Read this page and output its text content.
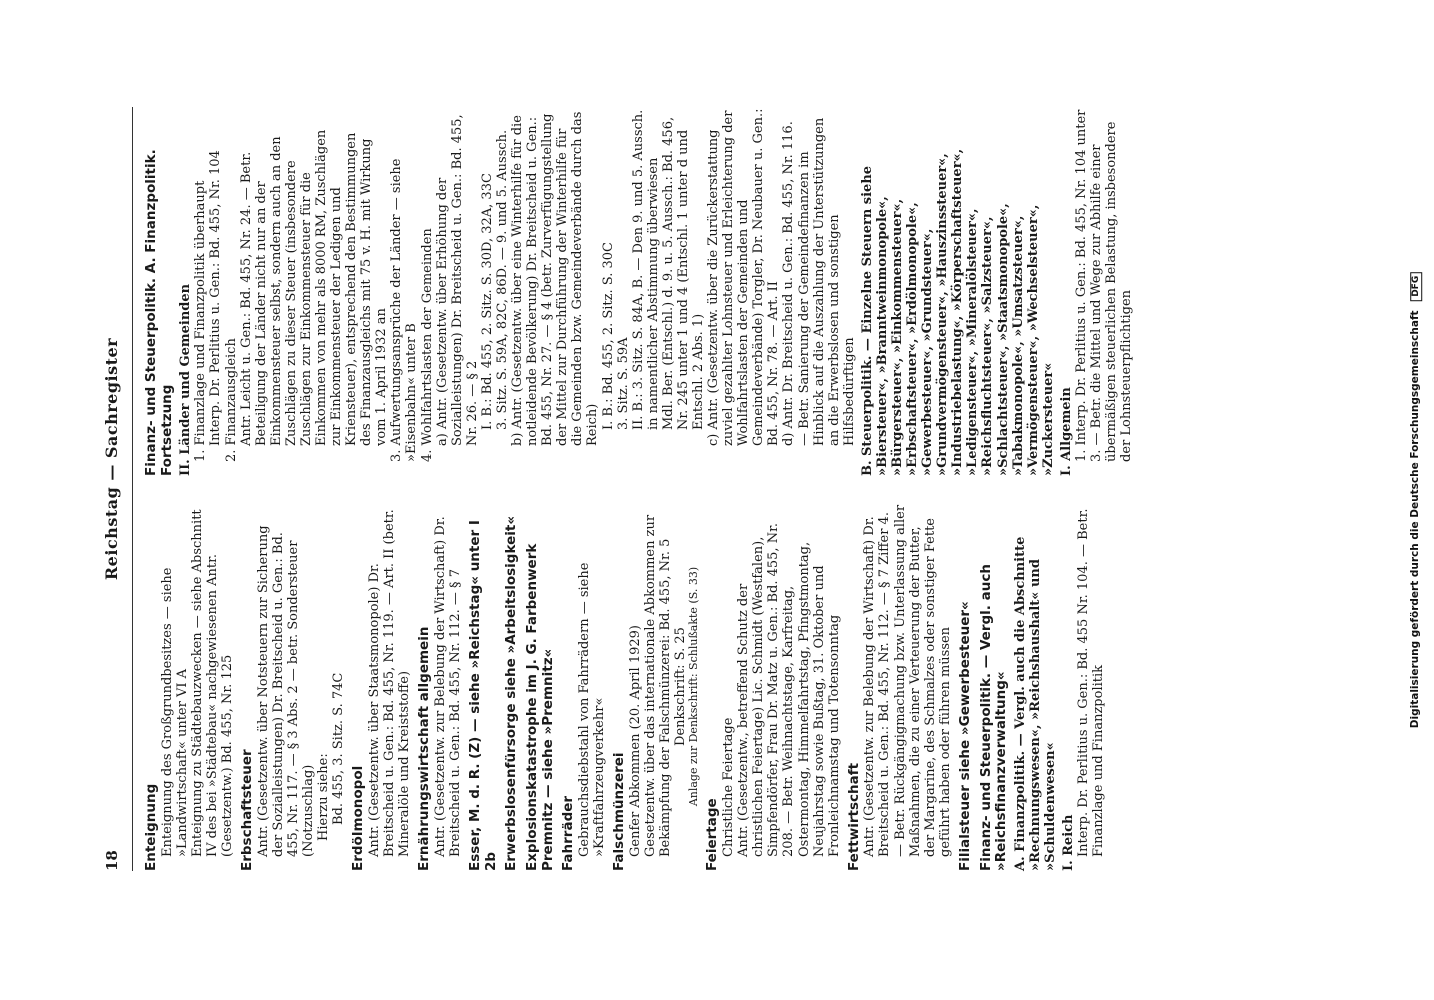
18
Reichstag — Sachregister
Enteignung Enteignung des Großgrundbesitzes — siehe »Landwirtschaft« unter VI A Enteignung zu Städtebauzwecken — siehe Abschnitt IV des bei »Städtebau« nachgewiesenen Antr. (Gesetzentw.) Bd. 455, Nr. 125 Erbschaftsteuer Antr. (Gesetzentw. über Notsteuern zur Sicherung der Sozialleistungen) Dr. Breitscheid u. Gen.: Bd. 455, Nr. 117. — § 3 Abs. 2 — betr. Sondersteuer (Notzuschlag) Hierzu siehe: Bd. 455, 3. Sitz. S. 74C Erdölmonopol Antr. (Gesetzentw. über Staatsmonopole) Dr. Breitscheid u. Gen.: Bd. 455, Nr. 119. — Art. II (betr. Mineralöle und Kreiststoffe) Ernährungswirtschaft allgemein Antr. (Gesetzentw. zur Belebung der Wirtschaft) Dr. Breitscheid u. Gen.: Bd. 455, Nr. 112. — § 7 Esser, M. d. R. (Z) — siehe »Reichstag« unter I 2b Erwerbslosenfürsorge siehe »Arbeitslosigkeit« Explosionskatastrophe im J. G. Farbenwerk Premnitz — siehe »Premnitz« Fahrräder Gebrauchsdiebstahl von Fahrrädern — siehe »Kraftfahrzeugverkehr« Falschmünzerei Genfer Abkommen (20. April 1929) Gesetzentw. über das internationale Abkommen zur Bekämpfung der Falschmünzerei: Bd. 455, Nr. 5 Denkschrift: S. 25 Anlage zur Denkschrift: Schlußakte (S. 33)
Feiertage Christliche Feiertage Antr. (Gesetzentw., betreffend Schutz der christlichen Feiertage) Lic. Schmidt (Westfalen), Simpfendörfer, Frau Dr. Matz u. Gen.: Bd. 455, Nr. 208. — Betr. Weihnachtstage, Karfreitag, Ostermontag, Himmelfahrtstag, Pfingstmontag, Neujahrstag sowie Bußtag, 31. Oktober und Fronleichnamstag und Totensonntag Fettwirtschaft Antr. (Gesetzentw. zur Belebung der Wirtschaft) Dr. Breitscheid u. Gen.: Bd. 455, Nr. 112. — § 7 Ziffer 4. — Betr. Rückgängigmachung bzw. Unterlassung aller Maßnahmen, die zu einer Verteuerung der Butter, der Margarine, des Schmalzes oder sonstiger Fette geführt haben oder führen müssen Filialsteuer siehe »Gewerbesteuer« Finanz- und Steuerpolitik. — Vergl. auch »Reichsfinanzverwaltung« A. Finanzpolitik. — Vergl. auch die Abschnitte »Rechnungswesen«, »Reichshaushalt« und »Schuldenwesen« I. Reich Interp. Dr. Perlitius u. Gen.: Bd. 455 Nr. 104. — Betr. Finanzlage und Finanzpolitik
Finanz- und Steuerpolitik. A. Finanzpolitik. Fortsetzung II. Länder und Gemeinden 1. Finanzlage und Finanzpolitik überhaupt Interp. Dr. Perlitius u. Gen.: Bd. 455, Nr. 104 2. Finanzausgleich Antr. Leicht u. Gen.: Bd. 455, Nr. 24. — Betr. Beteiligung der Länder nicht nur an der Einkommensteuer selbst, sondern auch an den Zuschlägen zu dieser Steuer (insbesondere Zuschlägen zur Einkommensteuer für die Einkommen von mehr als 8000 RM, Zuschlägen zur Einkommensteuer der Ledigen und Kriensteuer), entsprechend den Bestimmungen des Finanzausgleichs mit 75 v. H. mit Wirkung vom 1. April 1932 an 3. Aufwertungsansprüche der Länder — siehe »Eisenbahn« unter B 4. Wohlfahrtslasten der Gemeinden a) Antr. (Gesetzentw. über Erhöhung der Sozialleistungen) Dr. Breitscheid u. Gen.: Bd. 455, Nr. 26. — § 2 I. B.: Bd. 455, 2. Sitz. S. 30D, 32A, 33C 3. Sitz. S. 59A, 82C, 86D. — 9. und 5. Aussch. b) Antr. (Gesetzentw. über eine Winterhilfe für die notleidende Bevölkerung) Dr. Breitscheid u. Gen.: Bd. 455, Nr. 27. — § 4 (betr. Zurverfügungstellung der Mittel zur Durchführung der Winterhilfe für die Gemeinden bzw. Gemeindeverbände durch das Reich) I. B.: Bd. 455, 2. Sitz. S. 30C 3. Sitz. S. 59A II. B.: 3. Sitz. S. 84A, B. — Den 9. und 5. Aussch. in namentlicher Abstimmung überwiesen Mdl. Ber. (Entschl.) d. 9. u. 5. Aussch.: Bd. 456, Nr. 245 unter 1 und 4 (Entschl. 1 unter d und Entschl. 2 Abs. 1) c) Antr. (Gesetzentw. über die Zurückerstattung zuviel gezahlter Lohnsteuer und Erleichterung der Wohlfahrtslasten der Gemeinden und Gemeindeverbände) Torgler, Dr. Neubauer u. Gen.: Bd. 455, Nr. 78. — Art. II d) Antr. Dr. Breitscheid u. Gen.: Bd. 455, Nr. 116. — Betr. Sanierung der Gemeindefinanzen im Hinblick auf die Auszahlung der Unterstützungen an die Erwerbslosen und sonstigen Hilfsbedürftigen B. Steuerpolitik. — Einzelne Steuern siehe »Biersteuer«, »Branntweinmonopole«, »Bürgersteuer«, »Einkommensteuer«, »Erbschaftsteuer«, »Erdölmonopole«, »Gewerbesteuer«, »Grundsteuer«, »Grundvermögensteuer«, »Hauszinssteuer«, »Industriebelastung«, »Körperschaftsteuer«, »Ledigensteuer«, »Mineralölsteuer«, »Reichsfluchtsteuer«, »Salzsteuer«, »Schlachtsteuer«, »Staatsmonopole«, »Tabakmonopole«, »Umsatzsteuer«, »Vermögensteuer«, »Wechselsteuer«, »Zuckersteuer« I. Allgemein 1. Interp. Dr. Perlitius u. Gen.: Bd. 455, Nr. 104 unter 3. — Betr. die Mittel und Wege zur Abhilfe einer übermäßigen steuerlichen Belastung, insbesondere der Lohnsteuerpflichtigen	Digitalisierung gefördert durch die Deutsche Forschungsgemeinschaft DFG
